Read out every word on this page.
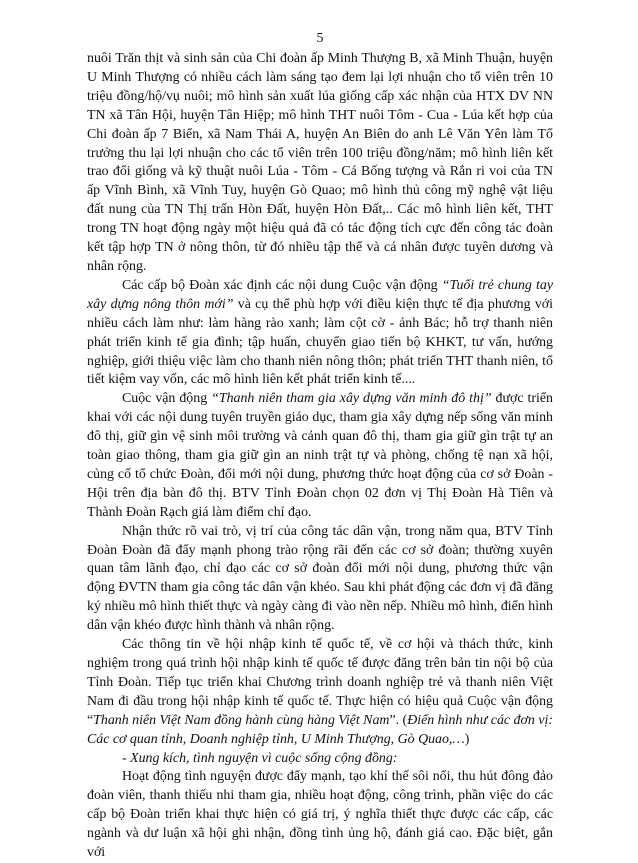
5

nuôi Trăn thịt và sinh sản của Chi đoàn ấp Minh Thượng B, xã Minh Thuận, huyện U Minh Thượng có nhiều cách làm sáng tạo đem lại lợi nhuận cho tổ viên trên 10 triệu đồng/hộ/vụ nuôi; mô hình sản xuất lúa giống cấp xác nhận của HTX DV NN TN xã Tân Hội, huyện Tân Hiệp; mô hình THT nuôi Tôm - Cua - Lúa kết hợp của Chi đoàn ấp 7 Biển, xã Nam Thái A, huyện An Biên do anh Lê Văn Yên làm Tổ trưởng thu lại lợi nhuận cho các tổ viên trên 100 triệu đồng/năm; mô hình liên kết trao đổi giống và kỹ thuật nuôi Lúa - Tôm - Cá Bống tượng và Rắn ri voi của TN ấp Vĩnh Bình, xã Vĩnh Tuy, huyện Gò Quao; mô hình thủ công mỹ nghệ vật liệu đất nung của TN Thị trấn Hòn Đất, huyện Hòn Đất,.. Các mô hình liên kết, THT trong TN hoạt động ngày một hiệu quả đã có tác động tích cực đến công tác đoàn kết tập hợp TN ở nông thôn, từ đó nhiều tập thể và cá nhân được tuyên dương và nhân rộng.

Các cấp bộ Đoàn xác định các nội dung Cuộc vận động “Tuổi trẻ chung tay xây dựng nông thôn mới” và cụ thể phù hợp với điều kiện thực tế địa phương với nhiều cách làm như: làm hàng rào xanh; làm cột cờ - ảnh Bác; hỗ trợ thanh niên phát triển kinh tế gia đình; tập huấn, chuyển giao tiến bộ KHKT, tư vấn, hướng nghiệp, giới thiệu việc làm cho thanh niên nông thôn; phát triển THT thanh niên, tổ tiết kiệm vay vốn, các mô hình liên kết phát triển kinh tế....

Cuộc vận động “Thanh niên tham gia xây dựng văn minh đô thị” được triển khai với các nội dung tuyên truyền giáo dục, tham gia xây dựng nếp sống văn minh đô thị, giữ gìn vệ sinh môi trường và cảnh quan đô thị, tham gia giữ gìn trật tự an toàn giao thông, tham gia giữ gìn an ninh trật tự và phòng, chống tệ nạn xã hội, củng cố tổ chức Đoàn, đổi mới nội dung, phương thức hoạt động của cơ sở Đoàn - Hội trên địa bàn đô thị. BTV Tỉnh Đoàn chọn 02 đơn vị Thị Đoàn Hà Tiên và Thành Đoàn Rạch giá làm điểm chỉ đạo.

Nhận thức rõ vai trò, vị trí của công tác dân vận, trong năm qua, BTV Tỉnh Đoàn Đoàn đã đẩy mạnh phong trào rộng rãi đến các cơ sở đoàn; thường xuyên quan tâm lãnh đạo, chỉ đạo các cơ sở đoàn đổi mới nội dung, phương thức vận động ĐVTN tham gia công tác dân vận khéo. Sau khi phát động các đơn vị đã đăng ký nhiều mô hình thiết thực và ngày càng đi vào nền nếp. Nhiều mô hình, điển hình dân vận khéo được hình thành và nhân rộng.

Các thông tin về hội nhập kinh tế quốc tế, về cơ hội và thách thức, kinh nghiệm trong quá trình hội nhập kinh tế quốc tế được đăng trên bản tin nội bộ của Tỉnh Đoàn. Tiếp tục triển khai Chương trình doanh nghiệp trẻ và thanh niên Việt Nam đi đầu trong hội nhập kinh tế quốc tế. Thực hiện có hiệu quả Cuộc vận động “Thanh niên Việt Nam đồng hành cùng hàng Việt Nam”. (Điển hình như các đơn vị: Các cơ quan tỉnh, Doanh nghiệp tỉnh, U Minh Thượng, Gò Quao,…)

- Xung kích, tình nguyện vì cuộc sống cộng đồng:

Hoạt động tình nguyện được đẩy mạnh, tạo khí thế sôi nổi, thu hút đông đảo đoàn viên, thanh thiếu nhi tham gia, nhiều hoạt động, công trình, phần việc do các cấp bộ Đoàn triển khai thực hiện có giá trị, ý nghĩa thiết thực được các cấp, các ngành và dư luận xã hội ghi nhận, đồng tình ủng hộ, đánh giá cao. Đặc biệt, gắn với
